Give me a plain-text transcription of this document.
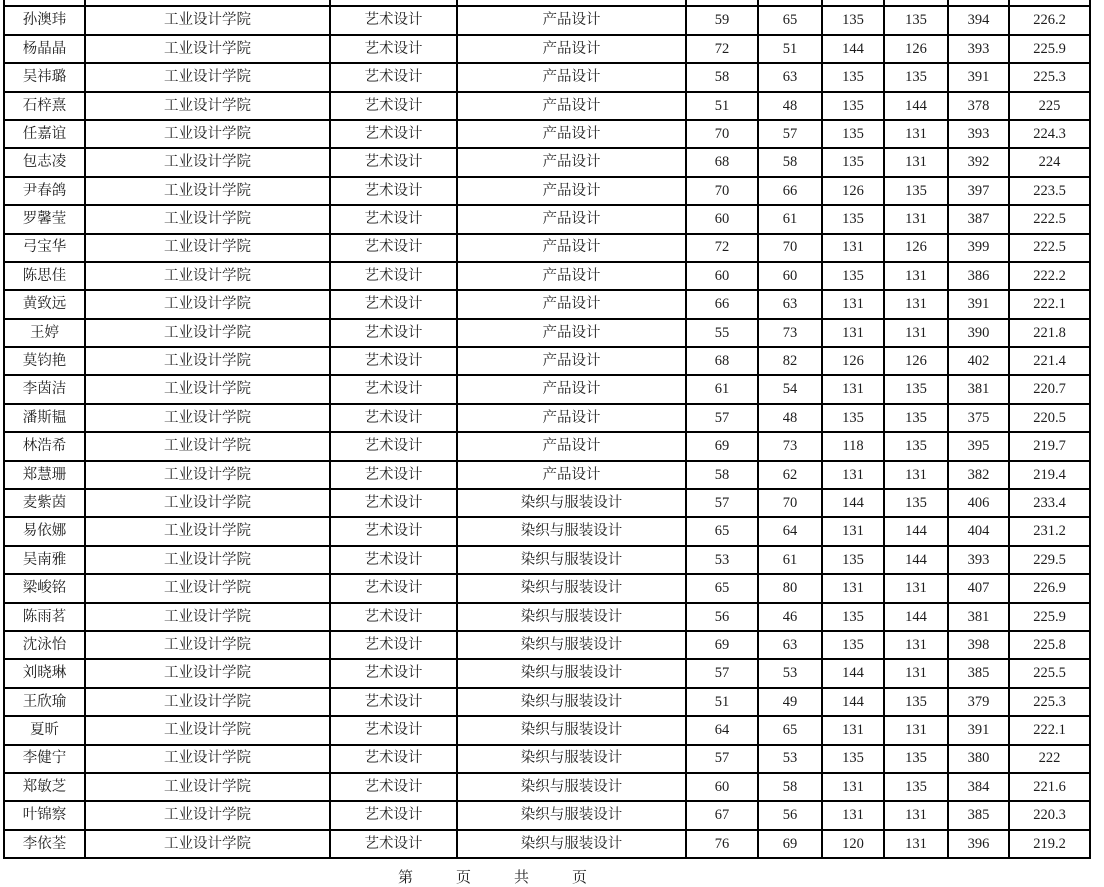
孙澳玮	工业设计学院	艺术设计	产品设计	59	65	135	135	394	226.2
杨晶晶	工业设计学院	艺术设计	产品设计	72	51	144	126	393	225.9
吴祎璐	工业设计学院	艺术设计	产品设计	58	63	135	135	391	225.3
石梓熹	工业设计学院	艺术设计	产品设计	51	48	135	144	378	225
任嘉谊	工业设计学院	艺术设计	产品设计	70	57	135	131	393	224.3
包志凌	工业设计学院	艺术设计	产品设计	68	58	135	131	392	224
尹春鸽	工业设计学院	艺术设计	产品设计	70	66	126	135	397	223.5
罗馨莹	工业设计学院	艺术设计	产品设计	60	61	135	131	387	222.5
弓宝华	工业设计学院	艺术设计	产品设计	72	70	131	126	399	222.5
陈思佳	工业设计学院	艺术设计	产品设计	60	60	135	131	386	222.2
黄致远	工业设计学院	艺术设计	产品设计	66	63	131	131	391	222.1
王婷	工业设计学院	艺术设计	产品设计	55	73	131	131	390	221.8
莫钧艳	工业设计学院	艺术设计	产品设计	68	82	126	126	402	221.4
李茵洁	工业设计学院	艺术设计	产品设计	61	54	131	135	381	220.7
潘斯韫	工业设计学院	艺术设计	产品设计	57	48	135	135	375	220.5
林浩希	工业设计学院	艺术设计	产品设计	69	73	118	135	395	219.7
郑慧珊	工业设计学院	艺术设计	产品设计	58	62	131	131	382	219.4
麦紫茵	工业设计学院	艺术设计	染织与服装设计	57	70	144	135	406	233.4
易依娜	工业设计学院	艺术设计	染织与服装设计	65	64	131	144	404	231.2
吴南雅	工业设计学院	艺术设计	染织与服装设计	53	61	135	144	393	229.5
梁峻铭	工业设计学院	艺术设计	染织与服装设计	65	80	131	131	407	226.9
陈雨茗	工业设计学院	艺术设计	染织与服装设计	56	46	135	144	381	225.9
沈泳怡	工业设计学院	艺术设计	染织与服装设计	69	63	135	131	398	225.8
刘晓琳	工业设计学院	艺术设计	染织与服装设计	57	53	144	131	385	225.5
王欣瑜	工业设计学院	艺术设计	染织与服装设计	51	49	144	135	379	225.3
夏昕	工业设计学院	艺术设计	染织与服装设计	64	65	131	131	391	222.1
李健宁	工业设计学院	艺术设计	染织与服装设计	57	53	135	135	380	222
郑敏芝	工业设计学院	艺术设计	染织与服装设计	60	58	131	135	384	221.6
叶锦察	工业设计学院	艺术设计	染织与服装设计	67	56	131	131	385	220.3
李依荃	工业设计学院	艺术设计	染织与服装设计	76	69	120	131	396	219.2
第　页　共　页
